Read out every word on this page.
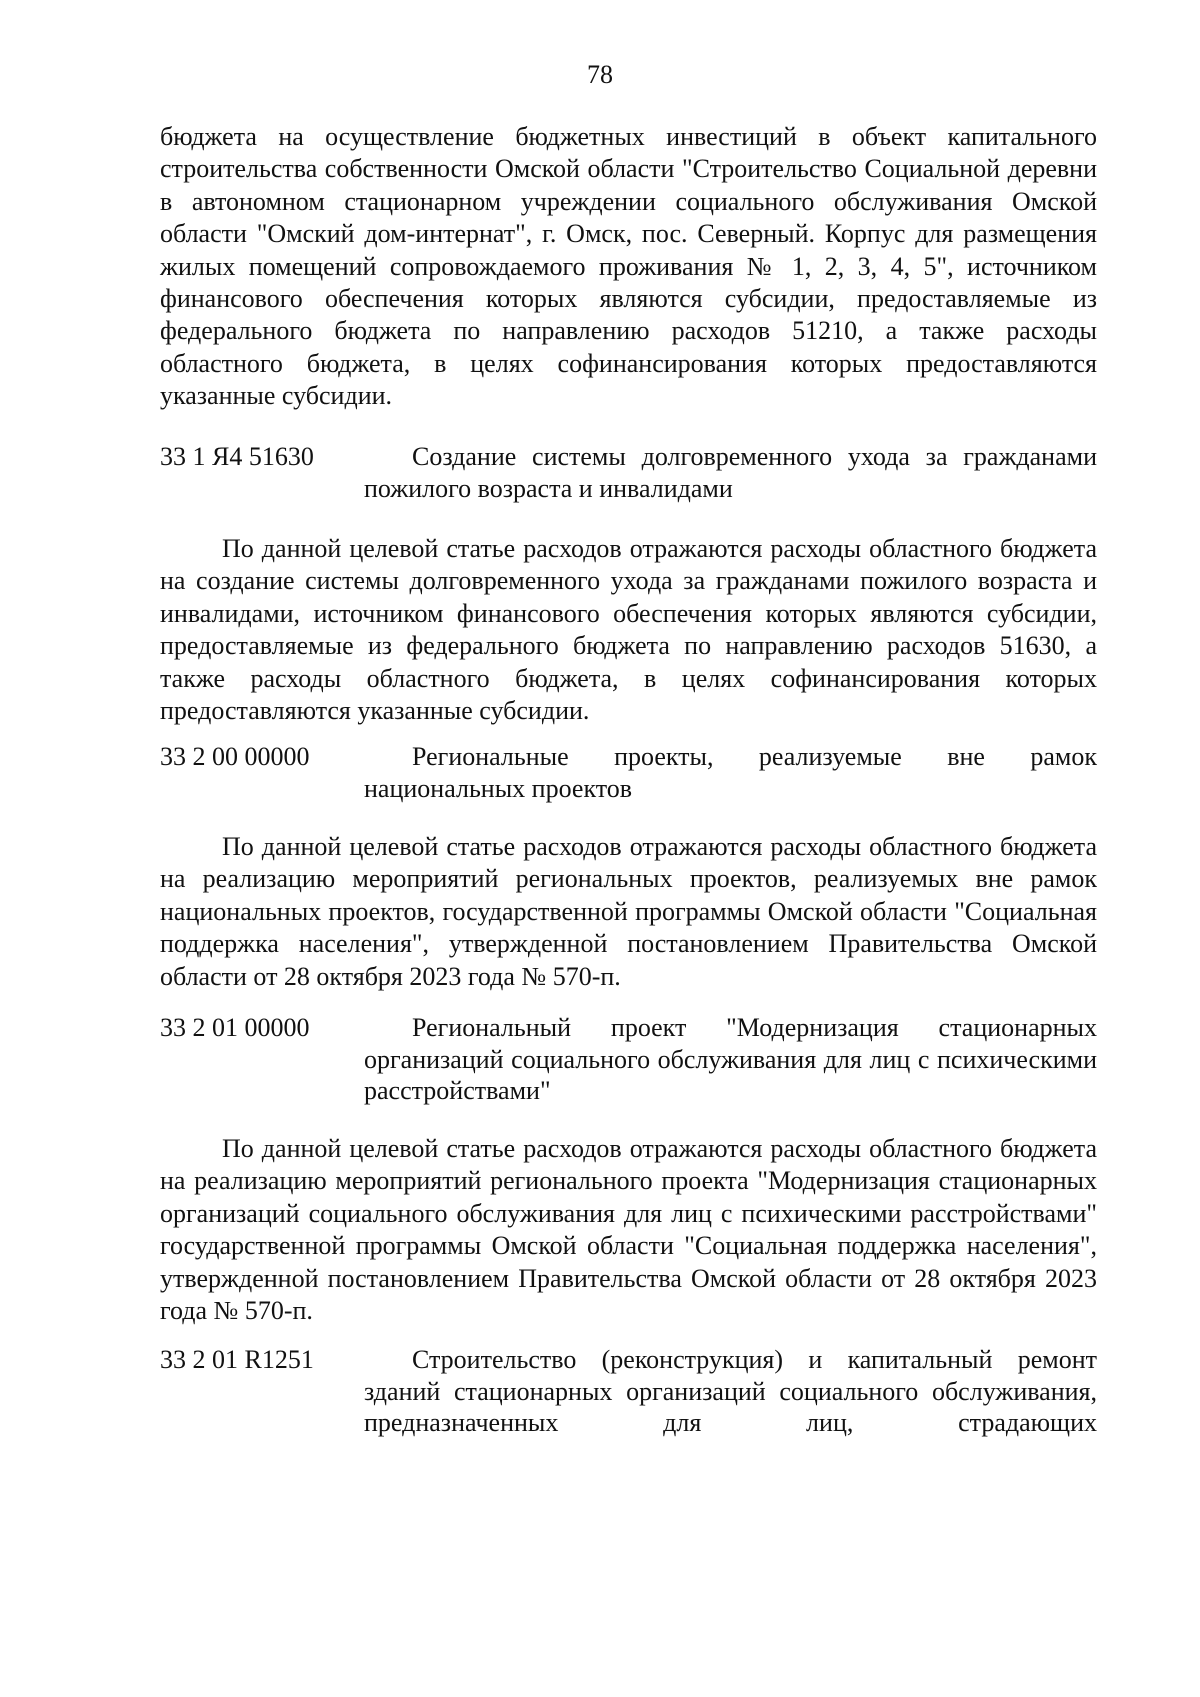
78
бюджета на осуществление бюджетных инвестиций в объект капитального строительства собственности Омской области "Строительство Социальной деревни в автономном стационарном учреждении социального обслуживания Омской области "Омский дом-интернат", г. Омск, пос. Северный. Корпус для размещения жилых помещений сопровождаемого проживания № 1, 2, 3, 4, 5", источником финансового обеспечения которых являются субсидии, предоставляемые из федерального бюджета по направлению расходов 51210, а также расходы областного бюджета, в целях софинансирования которых предоставляются указанные субсидии.
33 1 Я4 51630	Создание системы долговременного ухода за гражданами пожилого возраста и инвалидами
По данной целевой статье расходов отражаются расходы областного бюджета на создание системы долговременного ухода за гражданами пожилого возраста и инвалидами, источником финансового обеспечения которых являются субсидии, предоставляемые из федерального бюджета по направлению расходов 51630, а также расходы областного бюджета, в целях софинансирования которых предоставляются указанные субсидии.
33 2 00 00000	Региональные проекты, реализуемые вне рамок национальных проектов
По данной целевой статье расходов отражаются расходы областного бюджета на реализацию мероприятий региональных проектов, реализуемых вне рамок национальных проектов, государственной программы Омской области "Социальная поддержка населения", утвержденной постановлением Правительства Омской области от 28 октября 2023 года № 570-п.
33 2 01 00000	Региональный проект "Модернизация стационарных организаций социального обслуживания для лиц с психическими расстройствами"
По данной целевой статье расходов отражаются расходы областного бюджета на реализацию мероприятий регионального проекта "Модернизация стационарных организаций социального обслуживания для лиц с психическими расстройствами" государственной программы Омской области "Социальная поддержка населения", утвержденной постановлением Правительства Омской области от 28 октября 2023 года № 570-п.
33 2 01 R1251	Строительство (реконструкция) и капитальный ремонт зданий стационарных организаций социального обслуживания, предназначенных для лиц, страдающих
